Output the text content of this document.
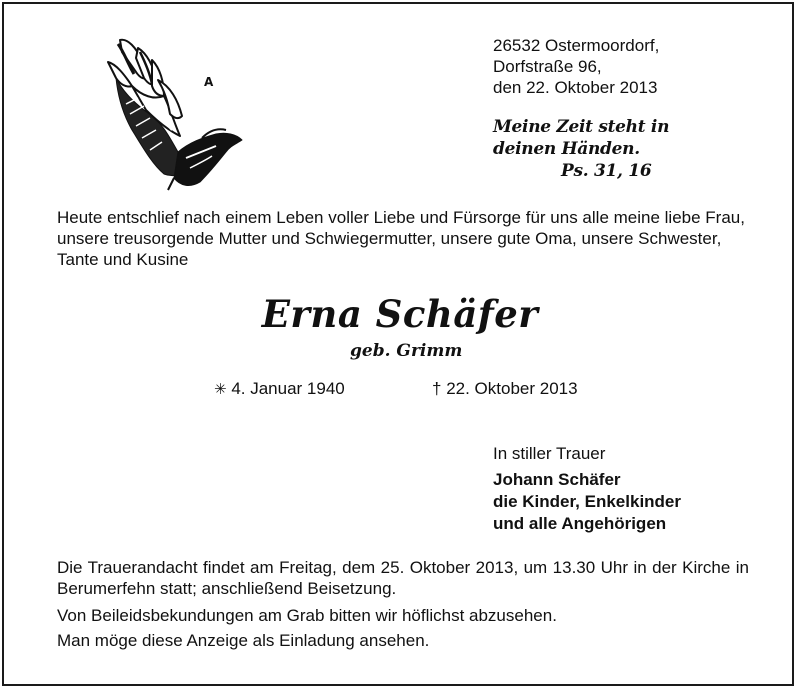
A
26532 Ostermoordorf,
Dorfstraße 96,
den 22. Oktober 2013
Meine Zeit steht in
deinen Händen.
Ps. 31, 16
Heute entschlief nach einem Leben voller Liebe und Fürsorge für uns alle meine liebe Frau, unsere treusorgende Mutter und Schwiegermutter, unsere gute Oma, unsere Schwester, Tante und Kusine
Erna Schäfer
geb. Grimm
✳ 4. Januar 1940	† 22. Oktober 2013
In stiller Trauer
Johann Schäfer
die Kinder, Enkelkinder
und alle Angehörigen
Die Trauerandacht findet am Freitag, dem 25. Oktober 2013, um 13.30 Uhr in der Kirche in Berumerfehn statt; anschließend Beisetzung.
Von Beileidsbekundungen am Grab bitten wir höflichst abzusehen.
Man möge diese Anzeige als Einladung ansehen.
